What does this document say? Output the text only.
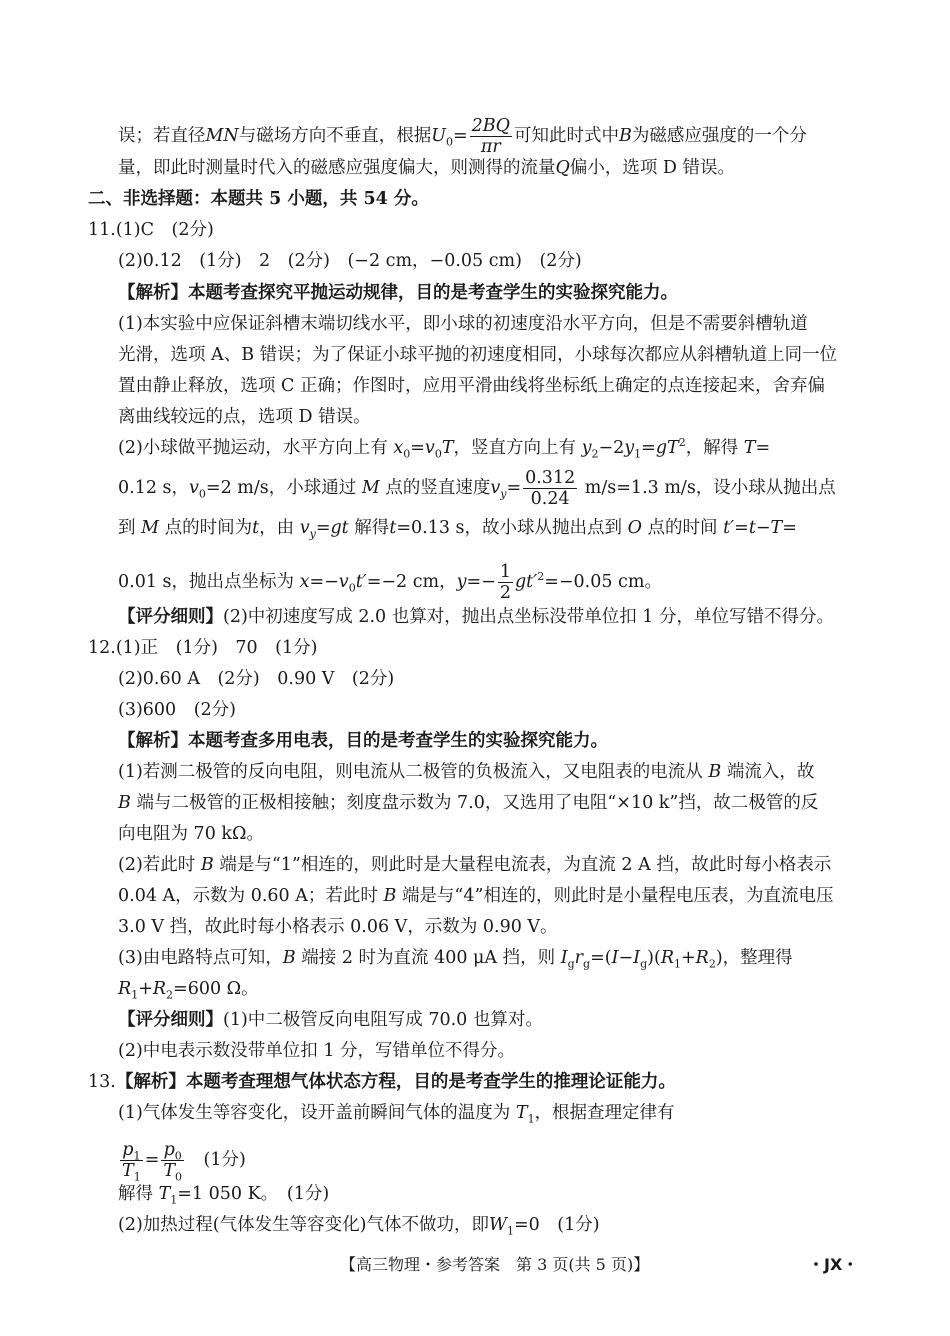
误；若直径MN与磁场方向不垂直，根据$U_0= \frac{2BQ}{\pi r}$ 可知此时式中B为磁感应强度的一个分
量，即此时测量时代入的磁感应强度偏大，则测得的流量Q偏小，选项 D 错误。
二、非选择题：本题共 5 小题，共 54 分。
11.(1)C　(2分)
(2)0.12　(1分)　2　(2分)　(−2 cm，−0.05 cm)　(2分)
【解析】本题考查探究平抛运动规律，目的是考查学生的实验探究能力。
(1)本实验中应保证斜槽末端切线水平，即小球的初速度沿水平方向，但是不需要斜槽轨道
光滑，选项 A、B 错误；为了保证小球平抛的初速度相同，小球每次都应从斜槽轨道上同一位
置由静止释放，选项 C 正确；作图时，应用平滑曲线将坐标纸上确定的点连接起来，舍弃偏
离曲线较远的点，选项 D 错误。
(2)小球做平抛运动，水平方向上有 $x_0=v_0T$，竖直方向上有 $y_2-2y_1=gT^2$，解得 T=
0.12 s，$v_0=2$ m/s，小球通过 M 点的竖直速度$v_y= \frac{0.312}{0.24} m/s=1.3$ m/s，设小球从抛出点
到 M 点的时间为t，由 $v_y=gt$ 解得t=0.13 s，故小球从抛出点到 O 点的时间 t′=t−T=
0.01 s，抛出点坐标为 $x=-v_0t'=-2$ cm，$y=- \frac{1}{2} gt'^2=-0.05$ cm。
【评分细则】(2)中初速度写成 2.0 也算对，抛出点坐标没带单位扣 1 分，单位写错不得分。
12.(1)正　(1分)　70　(1分)
(2)0.60 A　(2分)　0.90 V　(2分)
(3)600　(2分)
【解析】本题考查多用电表，目的是考查学生的实验探究能力。
(1)若测二极管的反向电阻，则电流从二极管的负极流入，又电阻表的电流从 B 端流入，故
B 端与二极管的正极相接触；刻度盘示数为 7.0，又选用了电阻“×10 k”挡，故二极管的反
向电阻为 70 kΩ。
(2)若此时 B 端是与“1”相连的，则此时是大量程电流表，为直流 2 A 挡，故此时每小格表示
0.04 A，示数为 0.60 A；若此时 B 端是与“4”相连的，则此时是小量程电压表，为直流电压
3.0 V 挡，故此时每小格表示 0.06 V，示数为 0.90 V。
(3)由电路特点可知，B 端接 2 时为直流 400 μA 挡，则 $I_gr_g=(I-I_g)(R_1+R_2)$，整理得
$R_1+R_2=600$ Ω。
【评分细则】(1)中二极管反向电阻写成 70.0 也算对。
(2)中电表示数没带单位扣 1 分，写错单位不得分。
13.【解析】本题考查理想气体状态方程，目的是考查学生的推理论证能力。
(1)气体发生等容变化，设开盖前瞬间气体的温度为 $T_1$，根据查理定律有
$\frac{p_1}{T_1} = \frac{p_0}{T_0}$
　 (1分)
解得 $T_1=1$ 050 K。　(1分)
(2)加热过程(气体发生等容变化)气体不做功，即$W_1=0$　(1分)
【高三物理・参考答案　第 3 页(共 5 页)】	・JX・
